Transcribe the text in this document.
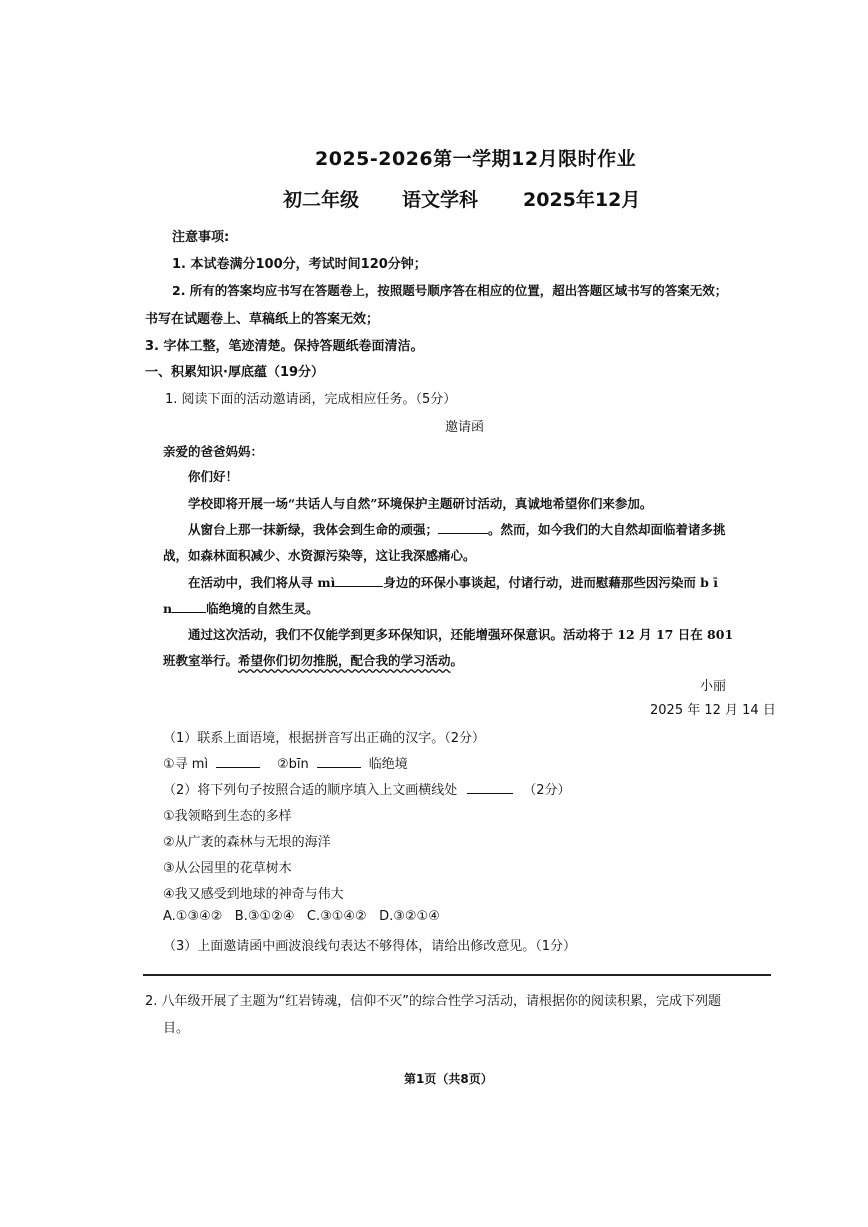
2025-2026第一学期12月限时作业
初二年级 语文学科 2025年12月
注意事项:
1. 本试卷满分100分，考试时间120分钟；
2. 所有的答案均应书写在答题卷上，按照题号顺序答在相应的位置，超出答题区域书写的答案无效；
书写在试题卷上、草稿纸上的答案无效；
3. 字体工整，笔迹清楚。保持答题纸卷面清洁。
一、积累知识·厚底蕴（19分）
1. 阅读下面的活动邀请函，完成相应任务。（5分）
邀请函
亲爱的爸爸妈妈：
你们好！
学校即将开展一场“共话人与自然”环境保护主题研讨活动，真诚地希望你们来参加。
从窗台上那一抹新绿，我体会到生命的顽强；	。然而，如今我们的大自然却面临着诸多挑
战，如森林面积减少、水资源污染等，这让我深感痛心。
在活动中，我们将从寻 mì	身边的环保小事谈起，付诸行动，进而慰藉那些因污染而 b ī
n	临绝境的自然生灵。
通过这次活动，我们不仅能学到更多环保知识，还能增强环保意识。活动将于 12 月 17 日在 801
班教室举行。希望你们切勿推脱，配合我的学习活动。
小丽
2025 年 12 月 14 日
（1）联系上面语境，根据拼音写出正确的汉字。（2分）
①寻 mì	②bīn	临绝境
（2）将下列句子按照合适的顺序填入上文画横线处	（2分）
①我领略到生态的多样
②从广袤的森林与无垠的海洋
③从公园里的花草树木
④我又感受到地球的神奇与伟大
A.①③④②   B.③①②④   C.③①④②   D.③②①④
（3）上面邀请函中画波浪线句表达不够得体，请给出修改意见。（1分）
2. 八年级开展了主题为“红岩铸魂，信仰不灭”的综合性学习活动，请根据你的阅读积累，完成下列题
目。
第1页（共8页）
